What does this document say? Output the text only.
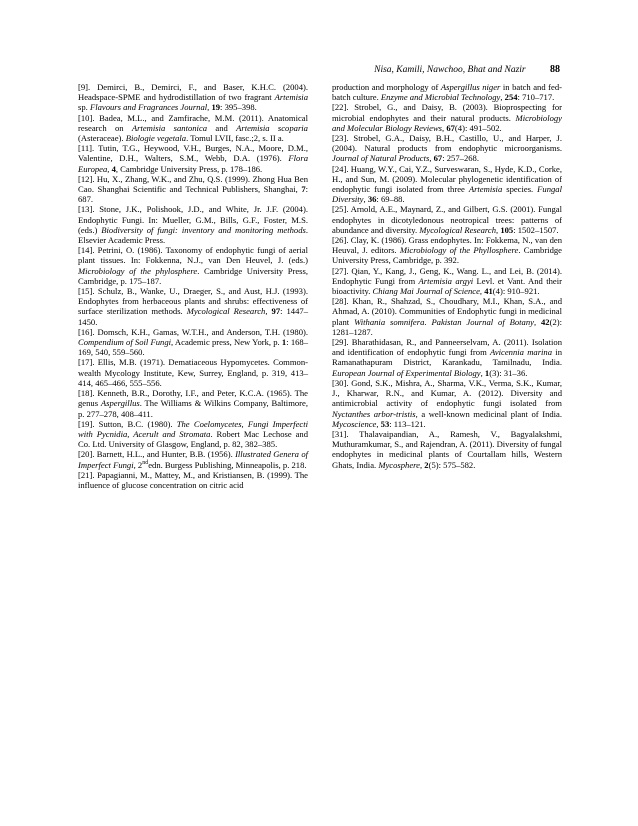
Nisa, Kamili, Nawchoo, Bhat and Nazir 88

[9]. Demirci, B., Demirci, F., and Baser, K.H.C. (2004). Headspace-SPME and hydrodistillation of two fragrant Artemisia sp. Flavours and Fragrances Journal, 19: 395–398.

[10]. Badea, M.L., and Zamfirache, M.M. (2011). Anatomical research on Artemisia santonica and Artemisia scoparia (Asteraceae). Biologie vegetala. Tomul LVII, fasc.;2, s. II a.

[11]. Tutin, T.G., Heywood, V.H., Burges, N.A., Moore, D.M., Valentine, D.H., Walters, S.M., Webb, D.A. (1976). Flora Europea, 4, Cambridge University Press, p. 178–186.

[12]. Hu, X., Zhang, W.K., and Zhu, Q.S. (1999). Zhong Hua Ben Cao. Shanghai Scientific and Technical Publishers, Shanghai, 7: 687.

[13]. Stone, J.K., Polishook, J.D., and White, Jr. J.F. (2004). Endophytic Fungi. In: Mueller, G.M., Bills, G.F., Foster, M.S. (eds.) Biodiversity of fungi: inventory and monitoring methods. Elsevier Academic Press.

[14]. Petrini, O. (1986). Taxonomy of endophytic fungi of aerial plant tissues. In: Fokkenna, N.J., van Den Heuvel, J. (eds.) Microbiology of the phylosphere. Cambridge University Press, Cambridge, p. 175–187.

[15]. Schulz, B., Wanke, U., Draeger, S., and Aust, H.J. (1993). Endophytes from herbaceous plants and shrubs: effectiveness of surface sterilization methods. Mycological Research, 97: 1447–1450.

[16]. Domsch, K.H., Gamas, W.T.H., and Anderson, T.H. (1980). Compendium of Soil Fungi, Academic press, New York, p. 1: 168–169, 540, 559–560.

[17]. Ellis, M.B. (1971). Dematiaceous Hypomycetes. Common-wealth Mycology Institute, Kew, Surrey, England, p. 319, 413–414, 465–466, 555–556.

[18]. Kenneth, B.R., Dorothy, I.F., and Peter, K.C.A. (1965). The genus Aspergillus. The Williams & Wilkins Company, Baltimore, p. 277–278, 408–411.

[19]. Sutton, B.C. (1980). The Coelomycetes, Fungi Imperfecti with Pycnidia, Acerult and Stromata. Robert Mac Lechose and Co. Ltd. University of Glasgow, England, p. 82, 382–385.

[20]. Barnett, H.L., and Hunter, B.B. (1956). Illustrated Genera of Imperfect Fungi, 2ndedn. Burgess Publishing, Minneapolis, p. 218.

[21]. Papagianni, M., Mattey, M., and Kristiansen, B. (1999). The influence of glucose concentration on citric acid

production and morphology of Aspergillus niger in batch and fed-batch culture. Enzyme and Microbial Technology, 254: 710–717.

[22]. Strobel, G., and Daisy, B. (2003). Bioprospecting for microbial endophytes and their natural products. Microbiology and Molecular Biology Reviews, 67(4): 491–502.

[23]. Strobel, G.A., Daisy, B.H., Castillo, U., and Harper, J. (2004). Natural products from endophytic microorganisms. Journal of Natural Products, 67: 257–268.

[24]. Huang, W.Y., Cai, Y.Z., Surveswaran, S., Hyde, K.D., Corke, H., and Sun, M. (2009). Molecular phylogenetic identification of endophytic fungi isolated from three Artemisia species. Fungal Diversity, 36: 69–88.

[25]. Arnold, A.E., Maynard, Z., and Gilbert, G.S. (2001). Fungal endophytes in dicotyledonous neotropical trees: patterns of abundance and diversity. Mycological Research, 105: 1502–1507.

[26]. Clay, K. (1986). Grass endophytes. In: Fokkema, N., van den Heuval, J. editors. Microbiology of the Phyllosphere. Cambridge University Press, Cambridge, p. 392.

[27]. Qian, Y., Kang, J., Geng, K., Wang. L., and Lei, B. (2014). Endophytic Fungi from Artemisia argyi Levl. et Vant. And their bioactivity. Chiang Mai Journal of Science, 41(4): 910–921.

[28]. Khan, R., Shahzad, S., Choudhary, M.I., Khan, S.A., and Ahmad, A. (2010). Communities of Endophytic fungi in medicinal plant Withania somnifera. Pakistan Journal of Botany, 42(2): 1281–1287.

[29]. Bharathidasan, R., and Panneerselvam, A. (2011). Isolation and identification of endophytic fungi from Avicennia marina in Ramanathapuram District, Karankadu, Tamilnadu, India. European Journal of Experimental Biology, 1(3): 31–36.

[30]. Gond, S.K., Mishra, A., Sharma, V.K., Verma, S.K., Kumar, J., Kharwar, R.N., and Kumar, A. (2012). Diversity and antimicrobial activity of endophytic fungi isolated from Nyctanthes arbor-tristis, a well-known medicinal plant of India. Mycoscience, 53: 113–121.

[31]. Thalavaipandian, A., Ramesh, V., Bagyalakshmi, Muthuramkumar, S., and Rajendran, A. (2011). Diversity of fungal endophytes in medicinal plants of Courtallam hills, Western Ghats, India. Mycosphere, 2(5): 575–582.
